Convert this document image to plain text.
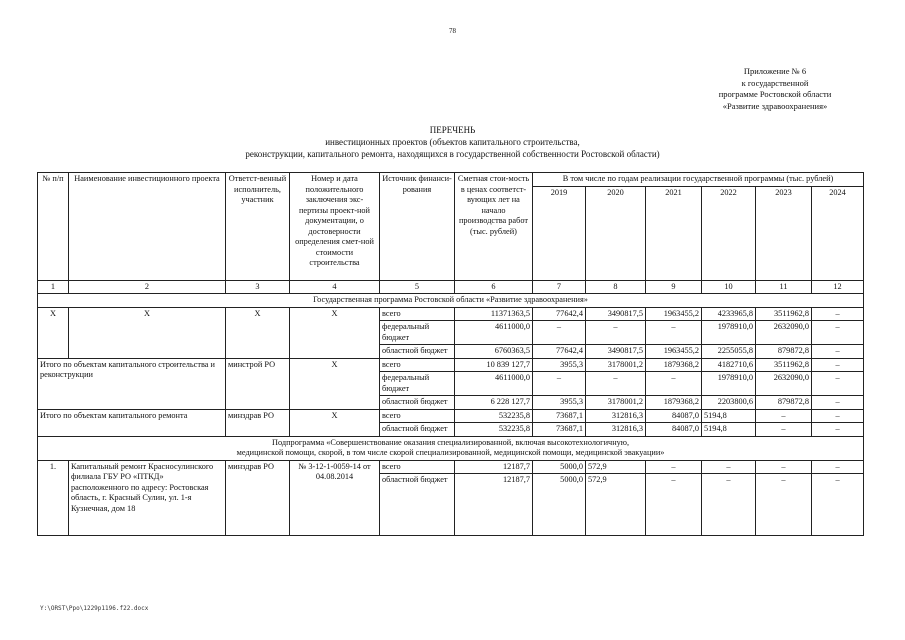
78
Приложение № 6
к государственной
программе Ростовской области
«Развитие здравоохранения»
ПЕРЕЧЕНЬ
инвестиционных проектов (объектов капитального строительства,
реконструкции, капитального ремонта, находящихся в государственной собственности Ростовской области)
№ п/п	Наименование инвестиционного проекта	Ответст-венный исполнитель, участник	Номер и дата положительного заключения экс-пертизы проект-ной документации, о достоверности определения смет-ной стоимости строительства	Источник финанси-рования	Сметная стои-мость в ценах соответст-вующих лет на начало производства работ (тыс. рублей)	В том числе по годам реализации государственной программы (тыс. рублей)					
						2019	2020	2021	2022	2023	2024
1	2	3	4	5	6	7	8	9	10	11	12
Государственная программа Ростовской области «Развитие здравоохранения»											
X	X	X	X	всего	11371363,5	77642,4	3490817,5	1963455,2	4233965,8	3511962,8	–
				федеральный бюджет	4611000,0	–	–	–	1978910,0	2632090,0	–
				областной бюджет	6760363,5	77642,4	3490817,5	1963455,2	2255055,8	879872,8	–
Итого по объектам капитального строительства и реконструкции		минстрой РО	X	всего	10 839 127,7	3955,3	3178001,2	1879368,2	4182710,6	3511962,8	–
				федеральный бюджет	4611000,0	–	–	–	1978910,0	2632090,0	–
				областной бюджет	6 228 127,7	3955,3	3178001,2	1879368,2	2203800,6	879872,8	–
Итого по объектам капитального ремонта		минздрав РО	X	всего	532235,8	73687,1	312816,3	84087,0	5194,8	–	–
				областной бюджет	532235,8	73687,1	312816,3	84087,0	5194,8	–	–

Подпрограмма «Совершенствование оказания специализированной, включая высокотехнологичную,
медицинской помощи, скорой, в том числе скорой специализированной, медицинской помощи, медицинской эвакуации»											

1.	Капитальный ремонт Красносулинского филиала ГБУ РО «ПТКД» расположенного по адресу: Ростовская область, г. Красный Сулин, ул. 1-я Кузнечная, дом 18	минздрав РО	№ 3-12-1-0059-14 от 04.08.2014	всего	12187,7	5000,0	572,9	–	–	–	–
				областной бюджет	12187,7	5000,0	572,9	–	–	–	–
Y:\ORST\Ppo\1229p1196.f22.docx
